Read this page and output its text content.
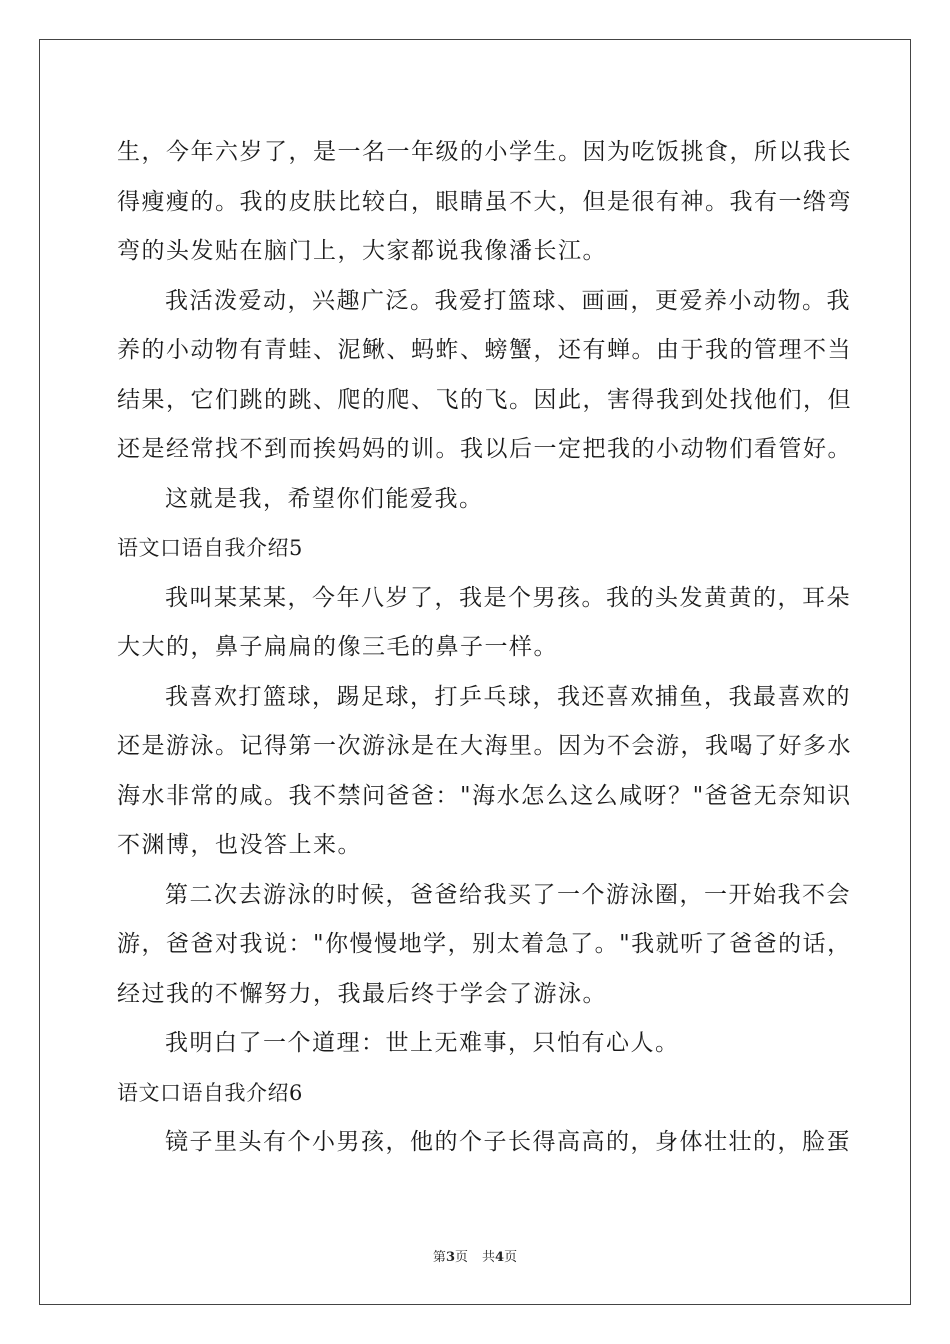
生，今年六岁了，是一名一年级的小学生。因为吃饭挑食，所以我长
得瘦瘦的。我的皮肤比较白，眼睛虽不大，但是很有神。我有一绺弯
弯的头发贴在脑门上，大家都说我像潘长江。
我活泼爱动，兴趣广泛。我爱打篮球、画画，更爱养小动物。我
养的小动物有青蛙、泥鳅、蚂蚱、螃蟹，还有蝉。由于我的管理不当
结果，它们跳的跳、爬的爬、飞的飞。因此，害得我到处找他们，但
还是经常找不到而挨妈妈的训。我以后一定把我的小动物们看管好。
这就是我，希望你们能爱我。
语文口语自我介绍5
我叫某某某，今年八岁了，我是个男孩。我的头发黄黄的，耳朵
大大的，鼻子扁扁的像三毛的鼻子一样。
我喜欢打篮球，踢足球，打乒乓球，我还喜欢捕鱼，我最喜欢的
还是游泳。记得第一次游泳是在大海里。因为不会游，我喝了好多水
海水非常的咸。我不禁问爸爸："海水怎么这么咸呀？"爸爸无奈知识
不渊博，也没答上来。
第二次去游泳的时候，爸爸给我买了一个游泳圈，一开始我不会
游，爸爸对我说："你慢慢地学，别太着急了。"我就听了爸爸的话，
经过我的不懈努力，我最后终于学会了游泳。
我明白了一个道理：世上无难事，只怕有心人。
语文口语自我介绍6
镜子里头有个小男孩，他的个子长得高高的，身体壮壮的，脸蛋
第3页 共4页
